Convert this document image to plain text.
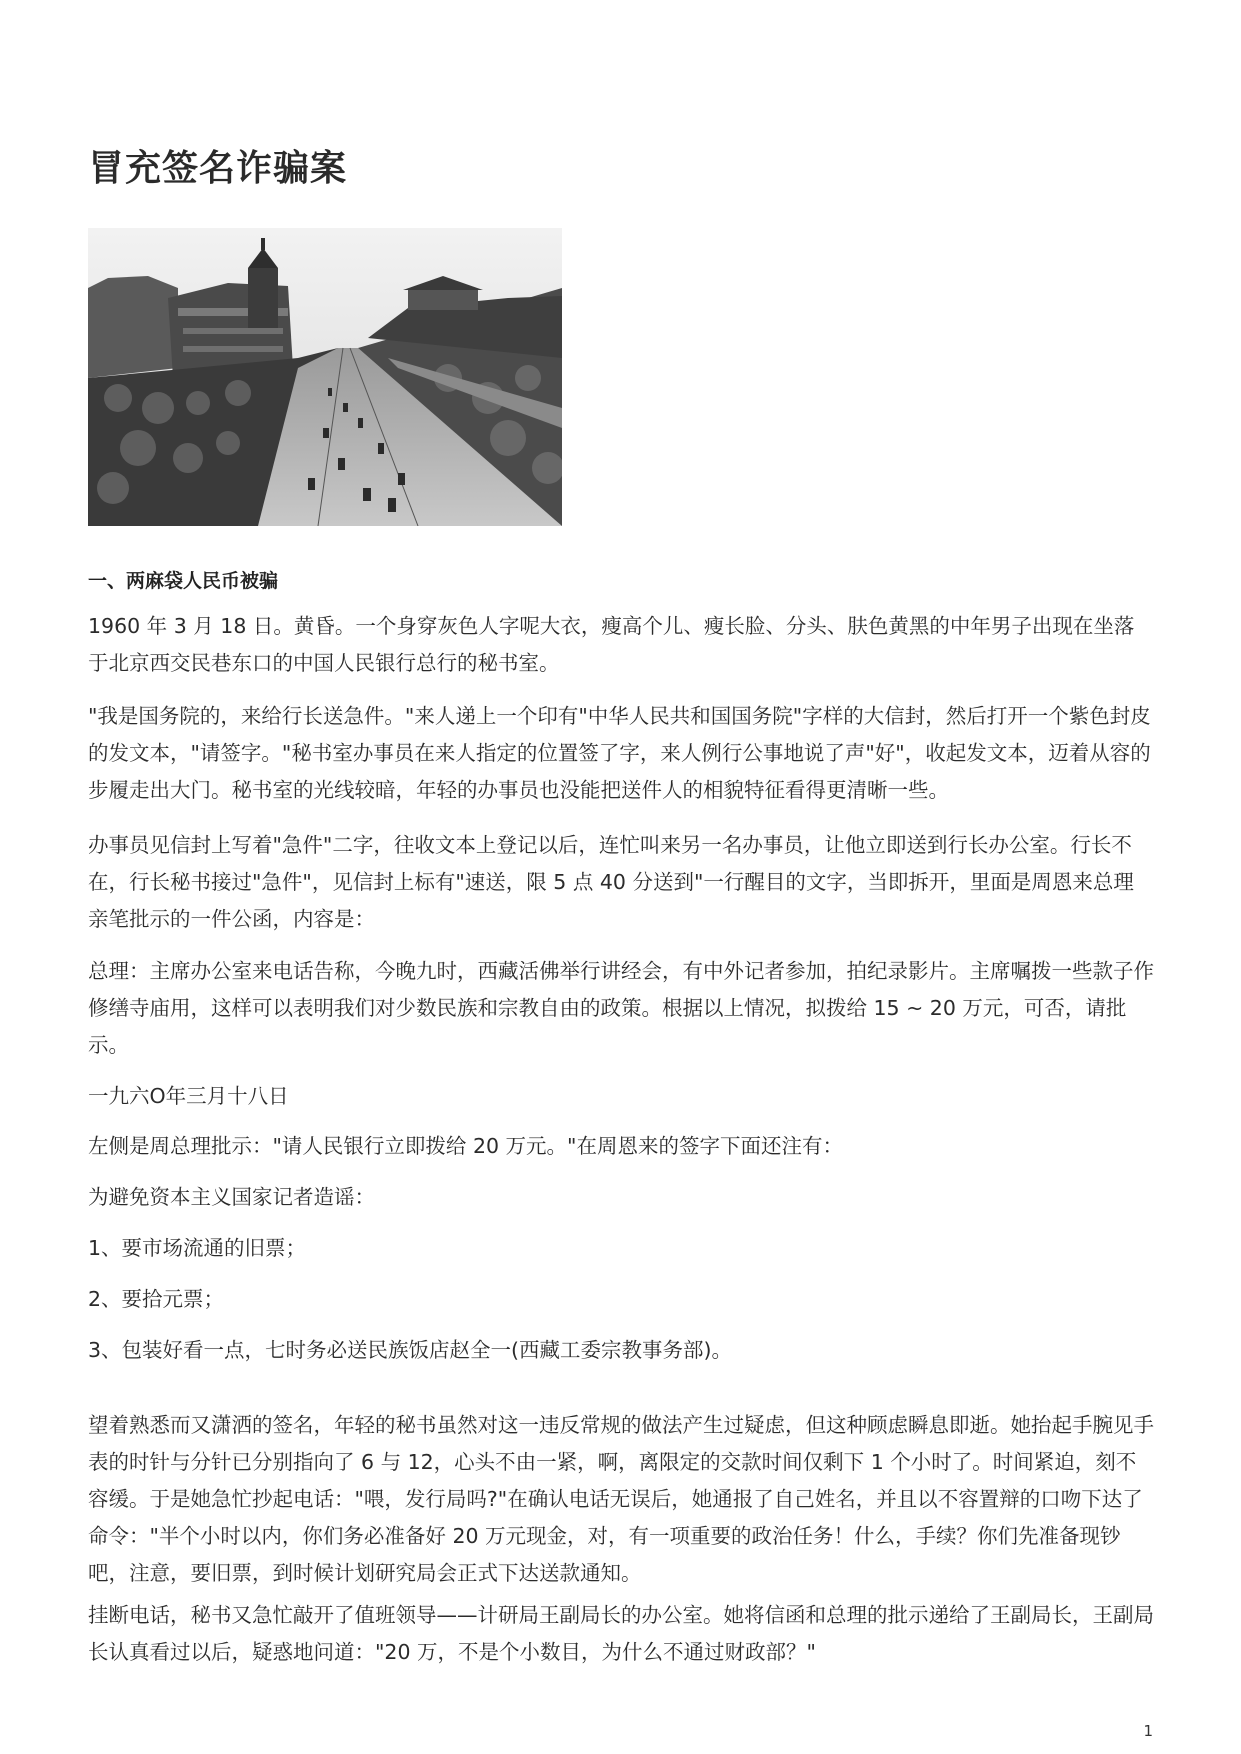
冒充签名诈骗案
一、两麻袋人民币被骗

1960 年 3 月 18 日。黄昏。一个身穿灰色人字呢大衣，瘦高个儿、瘦长脸、分头、肤色黄黑的中年男子出现在坐落于北京西交民巷东口的中国人民银行总行的秘书室。

"我是国务院的，来给行长送急件。"来人递上一个印有"中华人民共和国国务院"字样的大信封，然后打开一个紫色封皮的发文本，"请签字。"秘书室办事员在来人指定的位置签了字，来人例行公事地说了声"好"，收起发文本，迈着从容的步履走出大门。秘书室的光线较暗，年轻的办事员也没能把送件人的相貌特征看得更清晰一些。

办事员见信封上写着"急件"二字，往收文本上登记以后，连忙叫来另一名办事员，让他立即送到行长办公室。行长不在，行长秘书接过"急件"，见信封上标有"速送，限 5 点 40 分送到"一行醒目的文字，当即拆开，里面是周恩来总理亲笔批示的一件公函，内容是：

总理：主席办公室来电话告称，今晚九时，西藏活佛举行讲经会，有中外记者参加，拍纪录影片。主席嘱拨一些款子作修缮寺庙用，这样可以表明我们对少数民族和宗教自由的政策。根据以上情况，拟拨给 15 ~ 20 万元，可否，请批示。

一九六O年三月十八日

左侧是周总理批示："请人民银行立即拨给 20 万元。"在周恩来的签字下面还注有：

为避免资本主义国家记者造谣：

1、要市场流通的旧票；

2、要拾元票；

3、包装好看一点，七时务必送民族饭店赵全一(西藏工委宗教事务部)。

望着熟悉而又潇洒的签名，年轻的秘书虽然对这一违反常规的做法产生过疑虑，但这种顾虑瞬息即逝。她抬起手腕见手表的时针与分针已分别指向了 6 与 12，心头不由一紧，啊，离限定的交款时间仅剩下 1 个小时了。时间紧迫，刻不容缓。于是她急忙抄起电话："喂，发行局吗?"在确认电话无误后，她通报了自己姓名，并且以不容置辩的口吻下达了命令："半个小时以内，你们务必准备好 20 万元现金，对，有一项重要的政治任务！什么，手续？你们先准备现钞吧，注意，要旧票，到时候计划研究局会正式下达送款通知。

挂断电话，秘书又急忙敲开了值班领导——计研局王副局长的办公室。她将信函和总理的批示递给了王副局长，王副局长认真看过以后，疑惑地问道："20 万，不是个小数目，为什么不通过财政部？"

1
